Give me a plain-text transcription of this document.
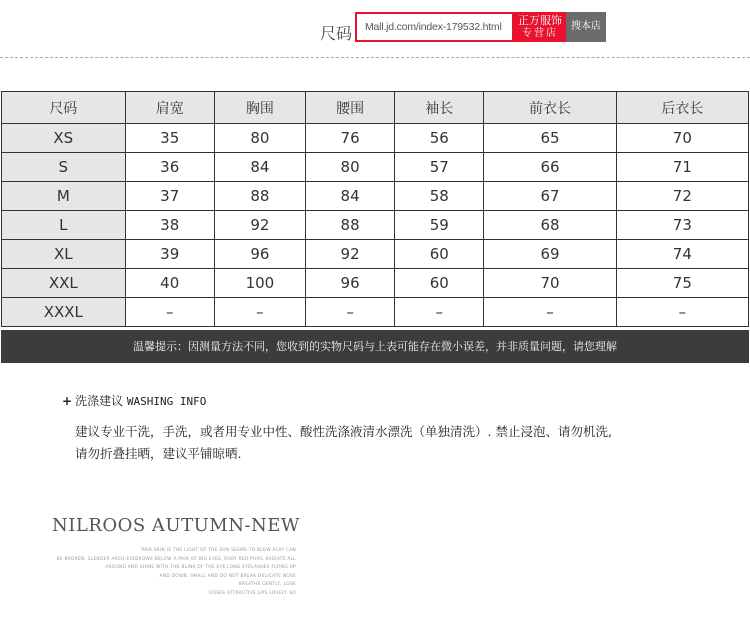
尺码	Mall.jd.com/index-179532.html	正万服饰
专营店
搜本店
尺码	肩宽	胸围	腰围	袖长	前衣长	后衣长
XS	35	80	76	56	65	70
S	36	84	80	57	66	71
M	37	88	84	58	67	72
L	38	92	88	59	68	73
XL	39	96	92	60	69	74
XXL	40	100	96	60	70	75
XXXL	–	–	–	–	–	–
温馨提示：因测量方法不同，您收到的实物尺码与上表可能存在微小误差，并非质量问题，请您理解
+ 洗涤建议 WASHING INFO
建议专业干洗，手洗，或者用专业中性、酸性洗涤液清水漂洗（单独清洗）. 禁止浸泡、请勿机洗,
请勿折叠挂晒，建议平铺晾晒.
NILROOS AUTUMN-NEW
PAIR SKIN IS THE LIGHT OF THE SUN SEEMS TO BLOW PLAY CAN
BE BROKEN. SLENDER ARCH EYEBROWS BELOW A PAIR OF BIG EYES, RUBY RED PUPIL RADIATE ALL
AROUND AND SHINE WITH THE BLINK OF THE EYE LONG EYELASHES FLYING UP
AND DOWN. SMALL AND DO NOT BREAK DELICATE NOSE
BREATHE GENTLY, LOSE
ROSES ATTRACTIVE LIPS LOVELY. SO
